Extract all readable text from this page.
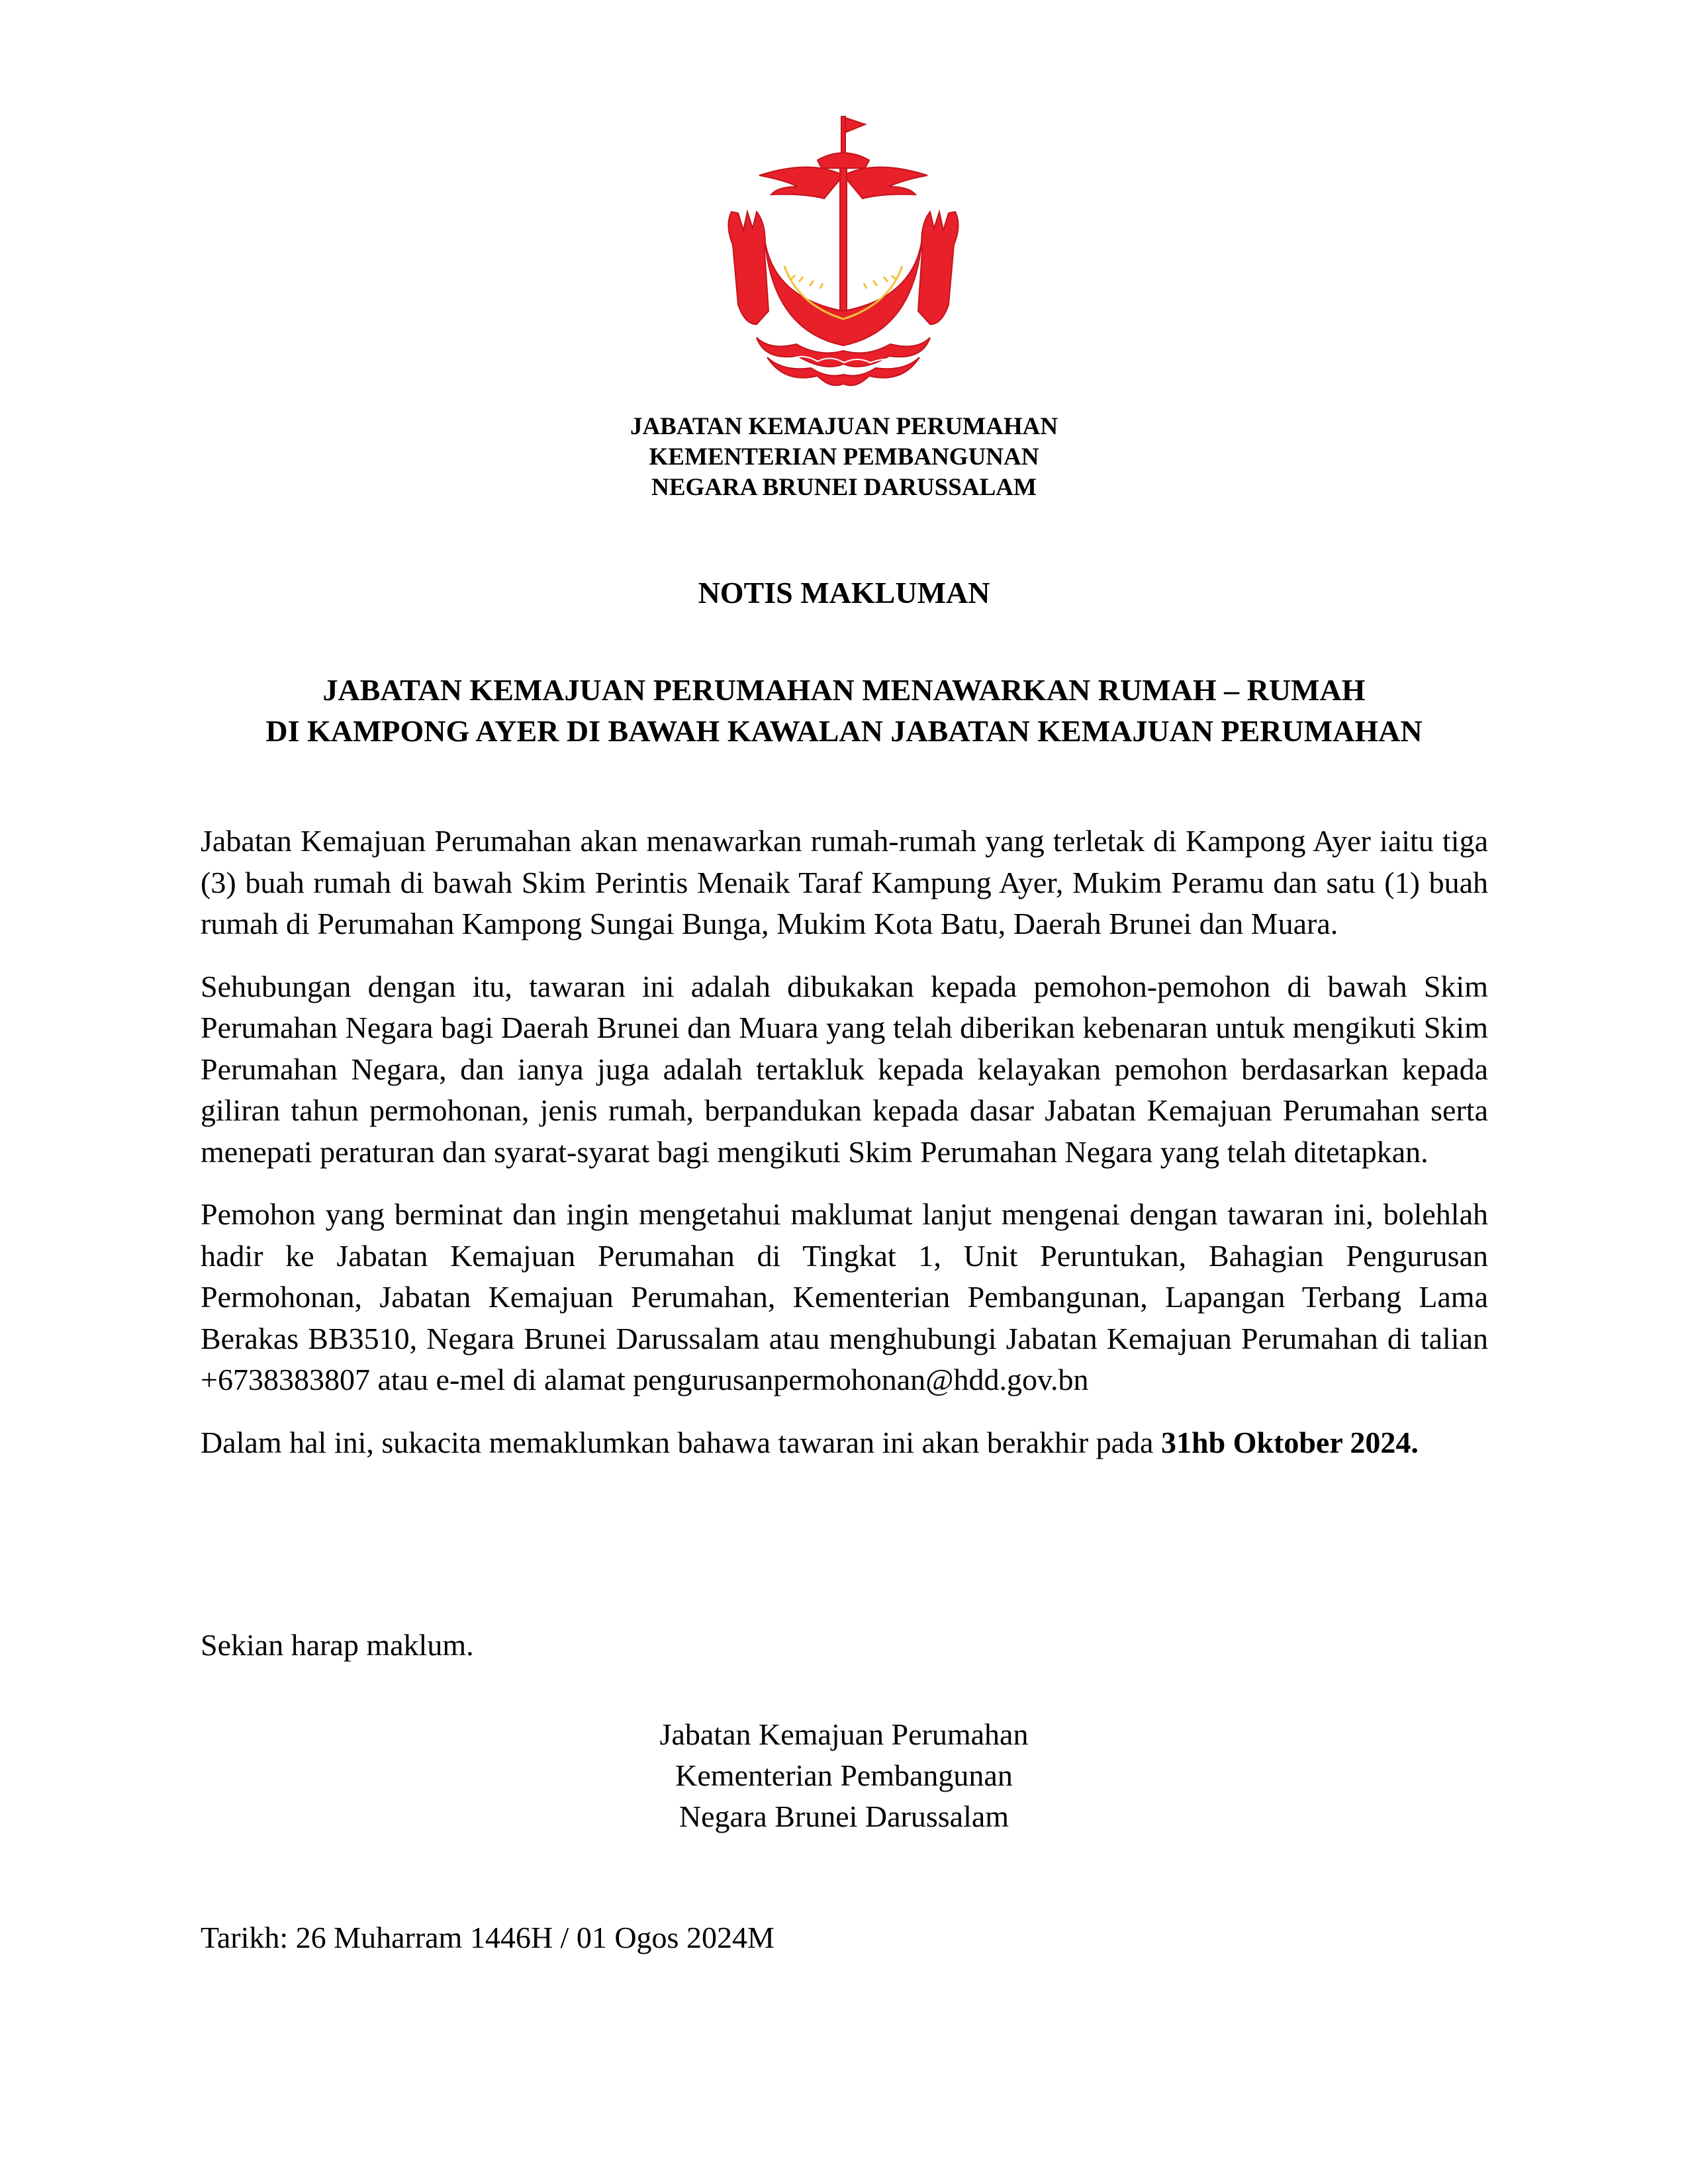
JABATAN KEMAJUAN PERUMAHAN
KEMENTERIAN PEMBANGUNAN
NEGARA BRUNEI DARUSSALAM
NOTIS MAKLUMAN
JABATAN KEMAJUAN PERUMAHAN MENAWARKAN RUMAH – RUMAH
DI KAMPONG AYER DI BAWAH KAWALAN JABATAN KEMAJUAN PERUMAHAN

Jabatan Kemajuan Perumahan akan menawarkan rumah-rumah yang terletak di Kampong Ayer iaitu tiga (3) buah rumah di bawah Skim Perintis Menaik Taraf Kampung Ayer, Mukim Peramu dan satu (1) buah rumah di Perumahan Kampong Sungai Bunga, Mukim Kota Batu, Daerah Brunei dan Muara.

Sehubungan dengan itu, tawaran ini adalah dibukakan kepada pemohon-pemohon di bawah Skim Perumahan Negara bagi Daerah Brunei dan Muara yang telah diberikan kebenaran untuk mengikuti Skim Perumahan Negara, dan ianya juga adalah tertakluk kepada kelayakan pemohon berdasarkan kepada giliran tahun permohonan, jenis rumah, berpandukan kepada dasar Jabatan Kemajuan Perumahan serta menepati peraturan dan syarat-syarat bagi mengikuti Skim Perumahan Negara yang telah ditetapkan.

Pemohon yang berminat dan ingin mengetahui maklumat lanjut mengenai dengan tawaran ini, bolehlah hadir ke Jabatan Kemajuan Perumahan di Tingkat 1, Unit Peruntukan, Bahagian Pengurusan Permohonan, Jabatan Kemajuan Perumahan, Kementerian Pembangunan, Lapangan Terbang Lama Berakas BB3510, Negara Brunei Darussalam atau menghubungi Jabatan Kemajuan Perumahan di talian +6738383807 atau e-mel di alamat pengurusanpermohonan@hdd.gov.bn

Dalam hal ini, sukacita memaklumkan bahawa tawaran ini akan berakhir pada 31hb Oktober 2024.

Sekian harap maklum.
Jabatan Kemajuan Perumahan
Kementerian Pembangunan
Negara Brunei Darussalam
Tarikh: 26 Muharram 1446H / 01 Ogos 2024M
